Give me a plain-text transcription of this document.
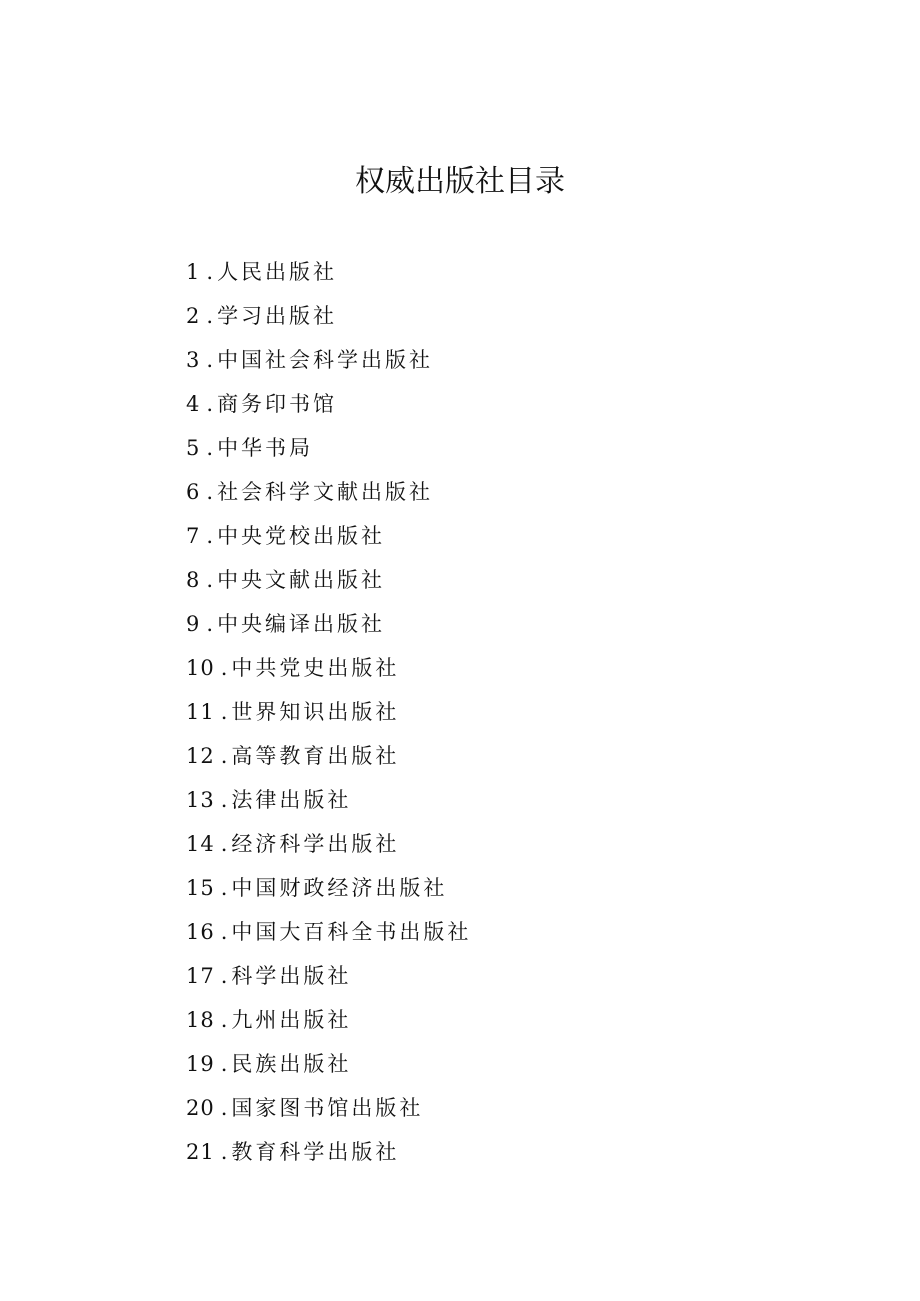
权威出版社目录
1 . 人民出版社
2 . 学习出版社
3 . 中国社会科学出版社
4 . 商务印书馆
5 . 中华书局
6 . 社会科学文献出版社
7 . 中央党校出版社
8 . 中央文献出版社
9 . 中央编译出版社
10 . 中共党史出版社
11 . 世界知识出版社
12 . 高等教育出版社
13 . 法律出版社
14 . 经济科学出版社
15 . 中国财政经济出版社
16 . 中国大百科全书出版社
17 . 科学出版社
18 . 九州出版社
19 . 民族出版社
20 . 国家图书馆出版社
21 . 教育科学出版社
